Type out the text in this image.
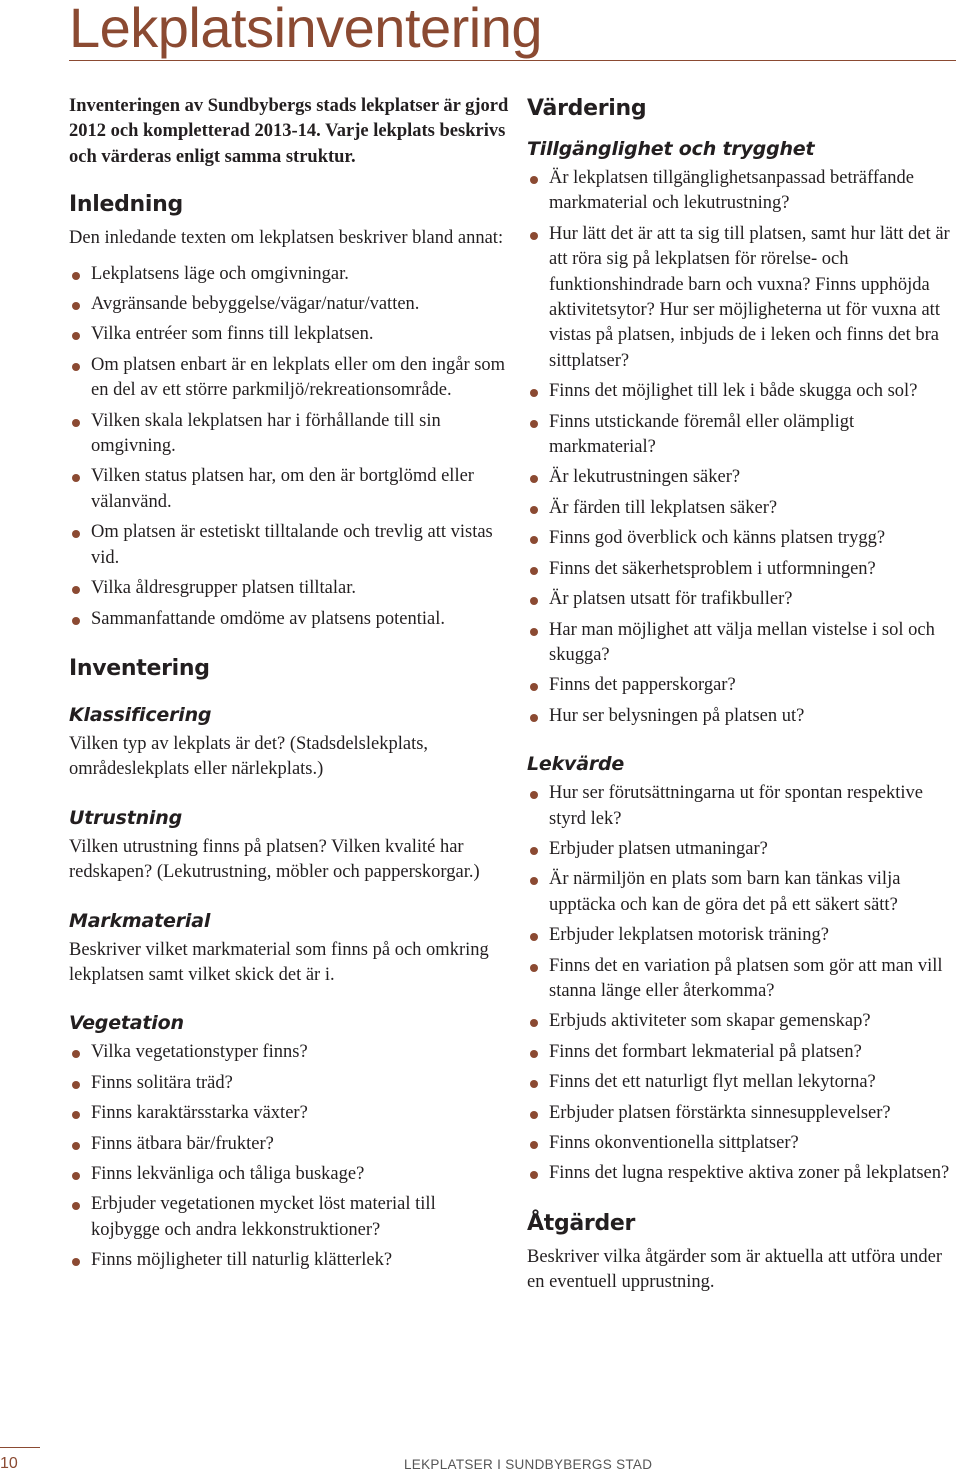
Lekplatsinventering

Inventeringen av Sundbybergs stads lekplatser är gjord 2012 och kompletterad 2013-14. Varje lekplats beskrivs och värderas enligt samma struktur.

Inledning

Den inledande texten om lekplatsen beskriver bland annat:

Lekplatsens läge och omgivningar.
Avgränsande bebyggelse/vägar/natur/vatten.
Vilka entréer som finns till lekplatsen.
Om platsen enbart är en lekplats eller om den ingår som en del av ett större parkmiljö/rekreationsområde.
Vilken skala lekplatsen har i förhållande till sin omgivning.
Vilken status platsen har, om den är bortglömd eller välanvänd.
Om platsen är estetiskt tilltalande och trevlig att vistas vid.
Vilka åldresgrupper platsen tilltalar.
Sammanfattande omdöme av platsens potential.
Inventering
Klassificering

Vilken typ av lekplats är det? (Stadsdelslekplats, områdeslekplats eller närlekplats.)

Utrustning

Vilken utrustning finns på platsen? Vilken kvalité har redskapen? (Lekutrustning, möbler och papperskorgar.)

Markmaterial

Beskriver vilket markmaterial som finns på och omkring lekplatsen samt vilket skick det är i.

Vegetation
Vilka vegetationstyper finns?
Finns solitära träd?
Finns karaktärsstarka växter?
Finns ätbara bär/frukter?
Finns lekvänliga och tåliga buskage?
Erbjuder vegetationen mycket löst material till kojbygge och andra lekkonstruktioner?
Finns möjligheter till naturlig klätterlek?
Värdering
Tillgänglighet och trygghet
Är lekplatsen tillgänglighetsanpassad beträffande markmaterial och lekutrustning?
Hur lätt det är att ta sig till platsen, samt hur lätt det är att röra sig på lekplatsen för rörelse- och funktionshindrade barn och vuxna? Finns upphöjda aktivitetsytor? Hur ser möjligheterna ut för vuxna att vistas på platsen, inbjuds de i leken och finns det bra sittplatser?
Finns det möjlighet till lek i både skugga och sol?
Finns utstickande föremål eller olämpligt markmaterial?
Är lekutrustningen säker?
Är färden till lekplatsen säker?
Finns god överblick och känns platsen trygg?
Finns det säkerhetsproblem i utformningen?
Är platsen utsatt för trafikbuller?
Har man möjlighet att välja mellan vistelse i sol och skugga?
Finns det papperskorgar?
Hur ser belysningen på platsen ut?
Lekvärde
Hur ser förutsättningarna ut för spontan respektive styrd lek?
Erbjuder platsen utmaningar?
Är närmiljön en plats som barn kan tänkas vilja upptäcka och kan de göra det på ett säkert sätt?
Erbjuder lekplatsen motorisk träning?
Finns det en variation på platsen som gör att man vill stanna länge eller återkomma?
Erbjuds aktiviteter som skapar gemenskap?
Finns det formbart lekmaterial på platsen?
Finns det ett naturligt flyt mellan lekytorna?
Erbjuder platsen förstärkta sinnesupplevelser?
Finns okonventionella sittplatser?
Finns det lugna respektive aktiva zoner på lekplatsen?
Åtgärder

Beskriver vilka åtgärder som är aktuella att utföra under en eventuell upprustning.

10	LEKPLATSER I SUNDBYBERGS STAD
